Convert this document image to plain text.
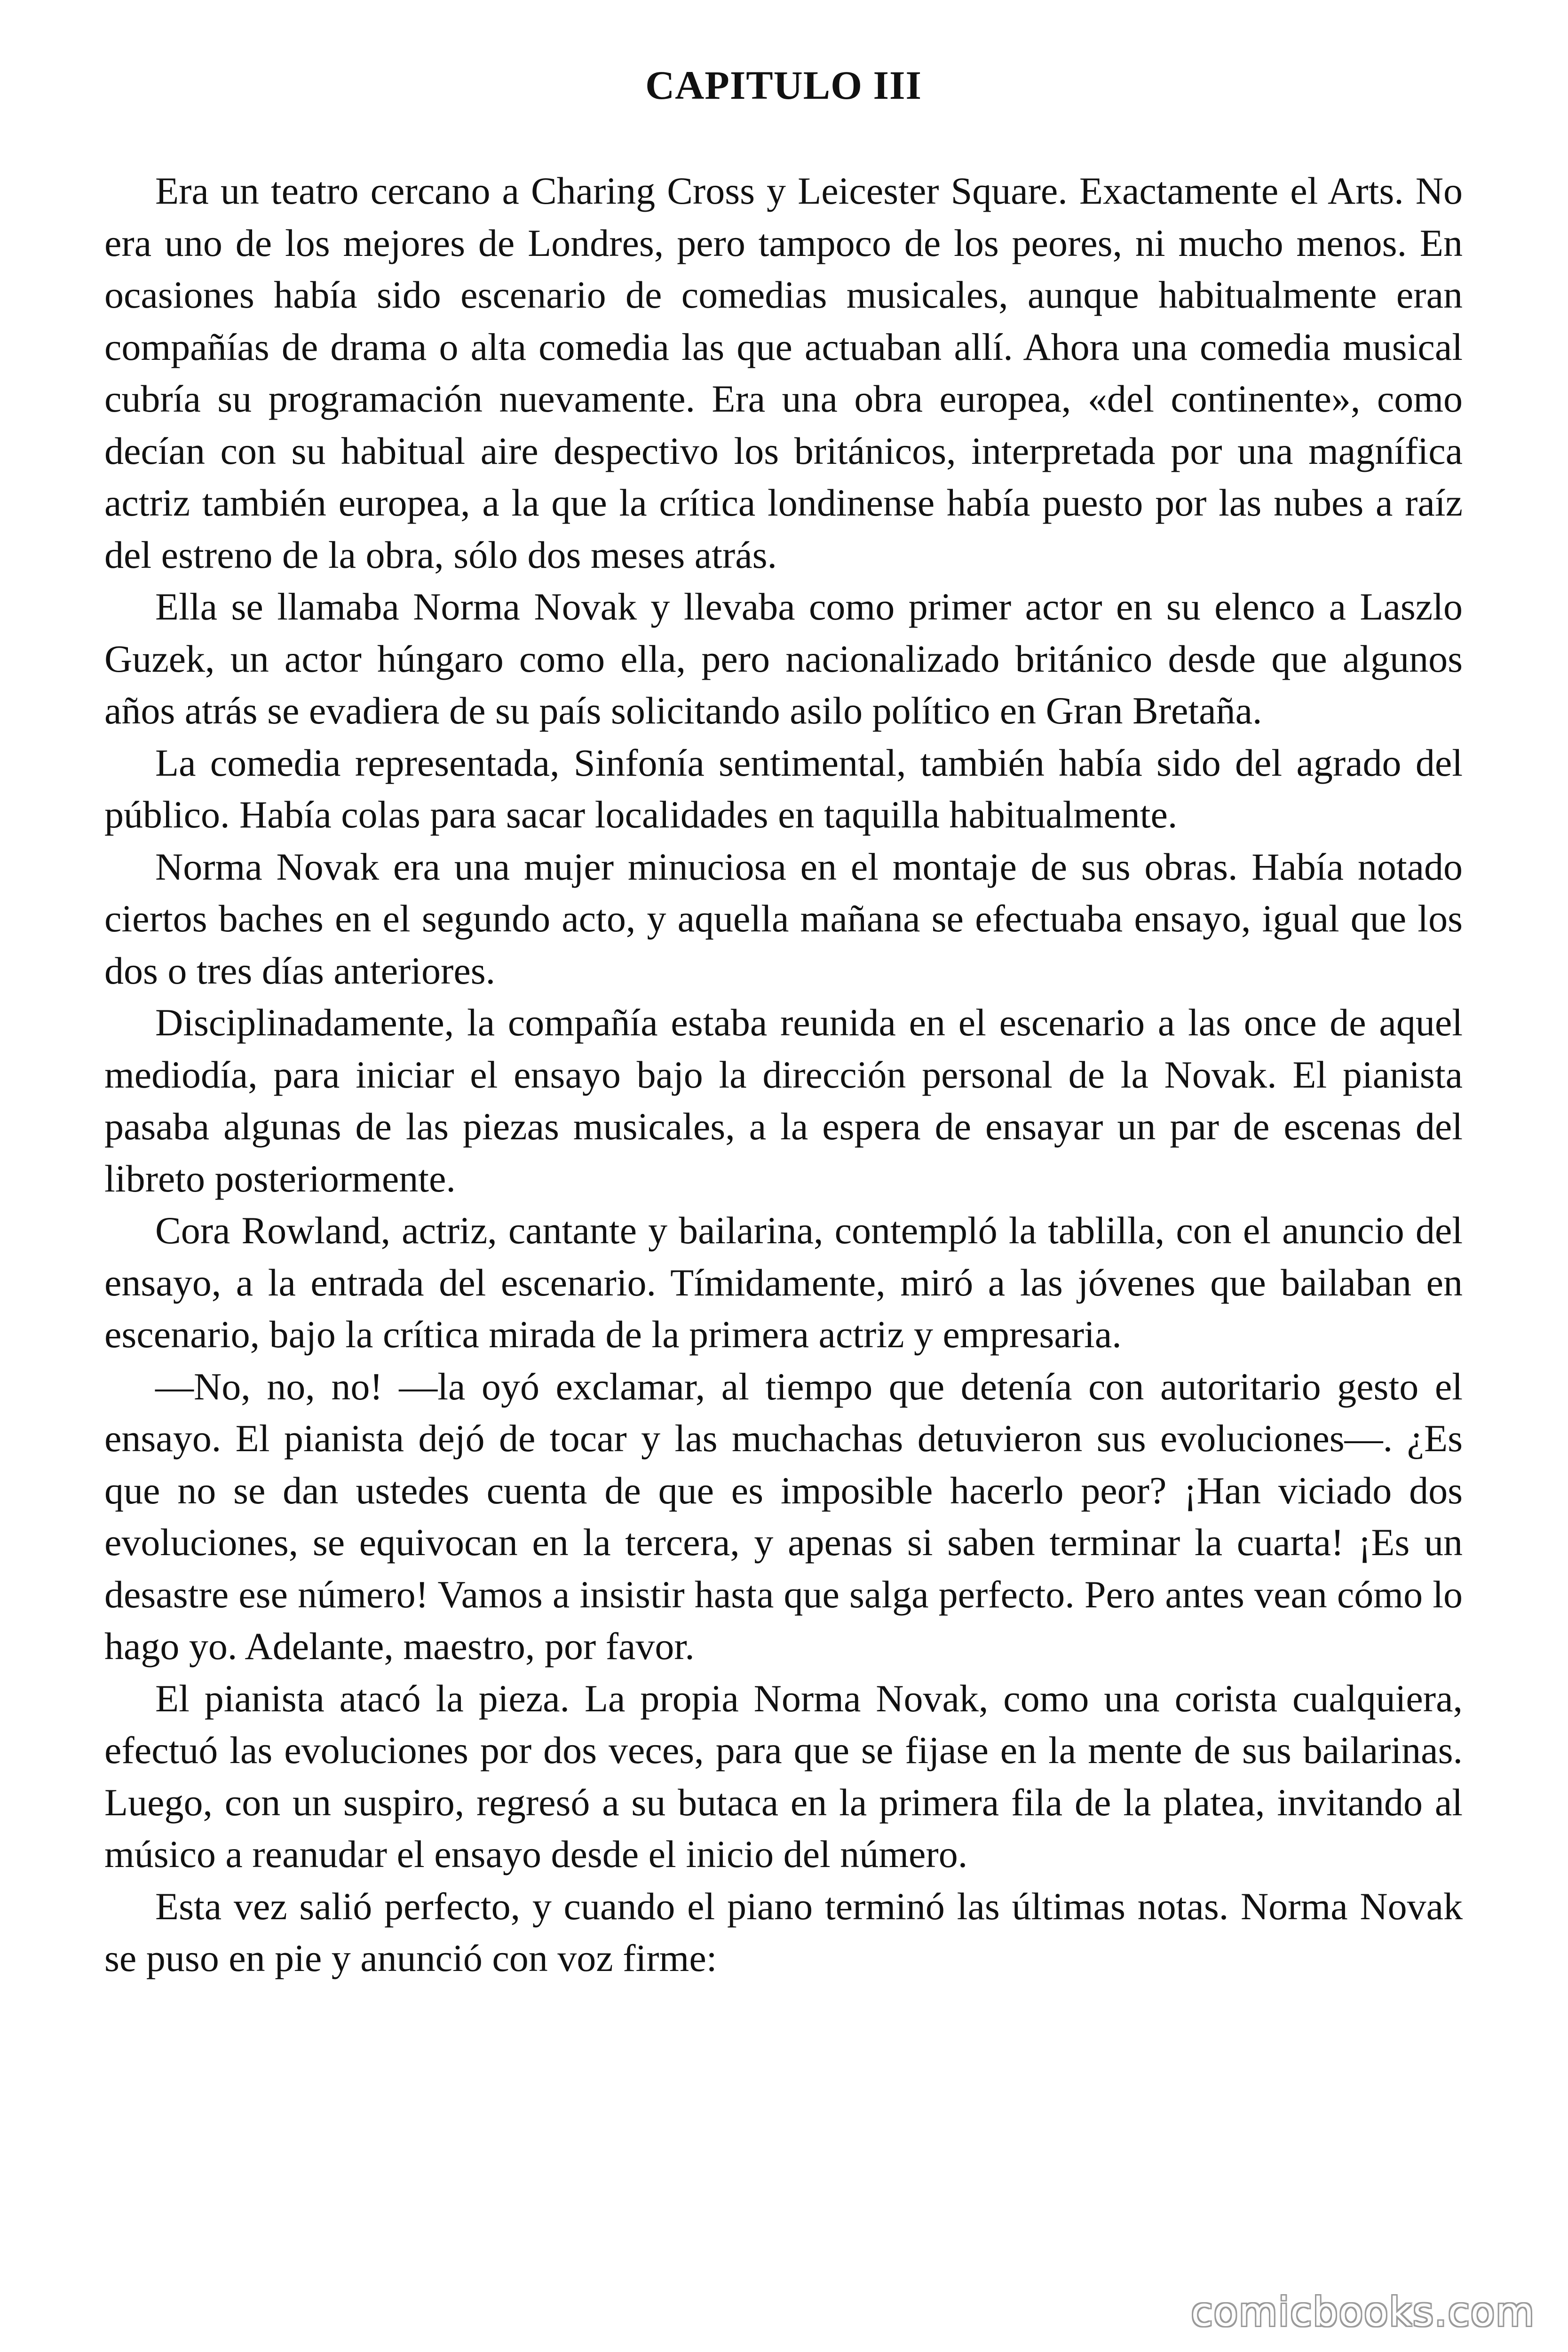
CAPITULO III

Era un teatro cercano a Charing Cross y Leicester Square. Exactamente el Arts. No era uno de los mejores de Londres, pero tampoco de los peores, ni mucho menos. En ocasiones había sido escenario de comedias musicales, aunque habitualmente eran compañías de drama o alta comedia las que actuaban allí. Ahora una comedia musical cubría su programación nuevamente. Era una obra europea, «del continente», como decían con su habitual aire despectivo los británicos, interpretada por una magnífica actriz también europea, a la que la crítica londinense había puesto por las nubes a raíz del estreno de la obra, sólo dos meses atrás.

Ella se llamaba Norma Novak y llevaba como primer actor en su elenco a Laszlo Guzek, un actor húngaro como ella, pero nacionalizado británico desde que algunos años atrás se evadiera de su país solicitando asilo político en Gran Bretaña.

La comedia representada, Sinfonía sentimental, también había sido del agrado del público. Había colas para sacar localidades en taquilla habitualmente.

Norma Novak era una mujer minuciosa en el montaje de sus obras. Había notado ciertos baches en el segundo acto, y aquella mañana se efectuaba ensayo, igual que los dos o tres días anteriores.

Disciplinadamente, la compañía estaba reunida en el escenario a las once de aquel mediodía, para iniciar el ensayo bajo la dirección personal de la Novak. El pianista pasaba algunas de las piezas musicales, a la espera de ensayar un par de escenas del libreto posteriormente.

Cora Rowland, actriz, cantante y bailarina, contempló la tablilla, con el anuncio del ensayo, a la entrada del escenario. Tímidamente, miró a las jóvenes que bailaban en escenario, bajo la crítica mirada de la primera actriz y empresaria.

—No, no, no! —la oyó exclamar, al tiempo que detenía con autoritario gesto el ensayo. El pianista dejó de tocar y las muchachas detuvieron sus evoluciones—. ¿Es que no se dan ustedes cuenta de que es imposible hacerlo peor? ¡Han viciado dos evoluciones, se equivocan en la tercera, y apenas si saben terminar la cuarta! ¡Es un desastre ese número! Vamos a insistir hasta que salga perfecto. Pero antes vean cómo lo hago yo. Adelante, maestro, por favor.

El pianista atacó la pieza. La propia Norma Novak, como una corista cualquiera, efectuó las evoluciones por dos veces, para que se fijase en la mente de sus bailarinas. Luego, con un suspiro, regresó a su butaca en la primera fila de la platea, invitando al músico a reanudar el ensayo desde el inicio del número.

Esta vez salió perfecto, y cuando el piano terminó las últimas notas. Norma Novak se puso en pie y anunció con voz firme:

comicbooks.com
